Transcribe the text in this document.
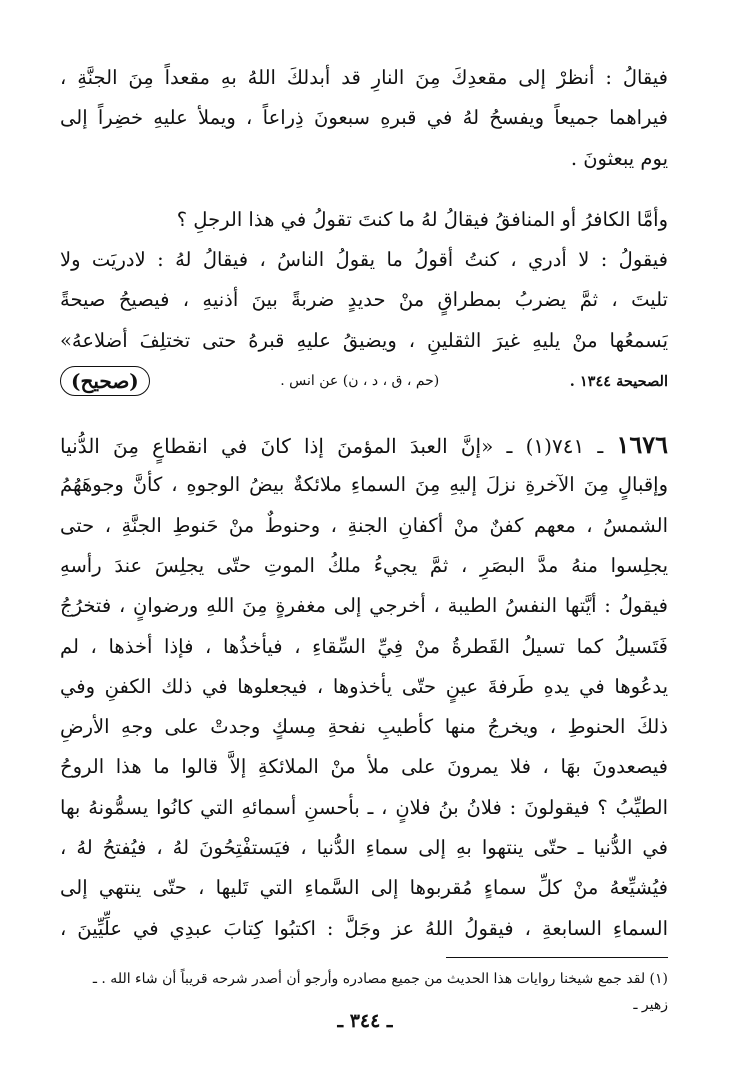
فيقالُ : أنظرْ إلى مقعدِكَ مِنَ النارِ قد أبدلكَ اللهُ بهِ مقعداً مِنَ الجنَّةِ ،
فيراهما جميعاً ويفسحُ لهُ في قبرهِ سبعونَ ذِراعاً ، ويملأ عليهِ خضِراً إلى
يوم يبعثونَ .
وأمَّا الكافرُ أو المنافقُ فيقالُ لهُ ما كنتَ تقولُ في هذا الرجلِ ؟
فيقولُ : لا أدري ، كنتُ أقولُ ما يقولُ الناسُ ، فيقالُ لهُ : لادريَت ولا
تليتَ ، ثمَّ يضربُ بمطراقٍ منْ حديدٍ ضربةً بينَ أذنيهِ ، فيصيحُ صيحةً
يَسمعُها منْ يليهِ غيرَ الثقلينِ ، ويضيقُ عليهِ قبرهُ حتى تختلِفَ أضلاعهُ»
الصحيحة ١٣٤٤ .
(حم ، ق ، د ، ن) عن انس .
(صحيح)
١٦٧٦ ـ ٧٤١(١) ـ «إنَّ العبدَ المؤمنَ إذا كانَ في انقطاعٍ مِنَ الدُّنيا
وإقبالٍ مِنَ الآخرةِ نزلَ إليهِ مِنَ السماءِ ملائكةٌ بيضُ الوجوهِ ، كأنَّ وجوهَهُمُ
الشمسُ ، معهم كفنٌ منْ أكفانِ الجنةِ ، وحنوطٌ منْ حَنوطِ الجنَّةِ ، حتى
يجلِسوا منهُ مدَّ البصَرِ ، ثمَّ يجيءُ ملكُ الموتِ حتّى يجلِسَ عندَ رأسهِ
فيقولُ : أيَّتها النفسُ الطيبة ، أخرجي إلى مغفرةٍ مِنَ اللهِ ورضوانٍ ، فتخرُجُ
فَتَسيلُ كما تسيلُ القَطرةُ منْ فِيِّ السِّقاءِ ، فيأخذُها ، فإذا أخذها ، لم
يدعُوها في يدهِ طَرفةَ عينٍ حتّى يأخذوها ، فيجعلوها في ذلك الكفنِ وفي
ذلكَ الحنوطِ ، ويخرجُ منها كأطيبِ نفحةِ مِسكٍ وجدتْ على وجهِ الأرضِ
فيصعدونَ بهَا ، فلا يمرونَ على ملأ منْ الملائكةِ إلاَّ قالوا ما هذا الروحُ
الطيِّبُ ؟ فيقولونَ : فلانُ بنُ فلانٍ ، ـ بأحسنِ أسمائهِ التي كانُوا يسمُّونهُ بها
في الدُّنيا ـ حتّى ينتهوا بهِ إلى سماءِ الدُّنيا ، فيَستفْتِحُونَ لهُ ، فيُفتحُ لهُ ،
فيُشيِّعهُ منْ كلِّ سماءٍ مُقربوها إلى السَّماءِ التي تَليها ، حتّى ينتهي إلى
السماءِ السابعةِ ، فيقولُ اللهُ عز وجَلَّ : اكتبُوا كِتابَ عبدِي في علِّيِّينَ ،
(١) لقد جمع شيخنا روايات هذا الحديث من جميع مصادره وأرجو أن أصدر شرحه قريباً أن شاء الله . ـ
زهير ـ
ـ ٣٤٤ ـ
